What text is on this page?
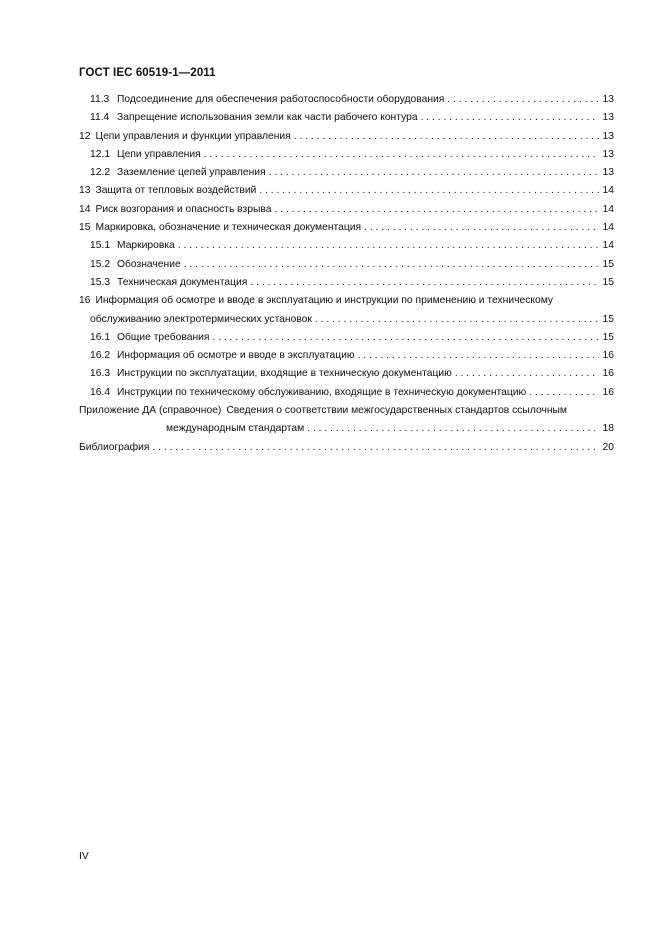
ГОСТ IEC 60519-1—2011
11.3 Подсоединение для обеспечения работоспособности оборудования . . .	13
11.4 Запрещение использования земли как части рабочего контура . . .	13
12 Цепи управления и функции управления . . .	13
12.1 Цепи управления . . .	13
12.2 Заземление цепей управления . . .	13
13 Защита от тепловых воздействий . . .	14
14 Риск возгорания и опасность взрыва . . .	14
15 Маркировка, обозначение и техническая документация . . .	14
15.1 Маркировка . . .	14
15.2 Обозначение . . .	15
15.3 Техническая документация . . .	15
16 Информация об осмотре и вводе в эксплуатацию и инструкции по применению и техническому
обслуживанию электротермических установок . . .	15
16.1 Общие требования . . .	15
16.2 Информация об осмотре и вводе в эксплуатацию . . .	16
16.3 Инструкции по эксплуатации, входящие в техническую документацию . . .	16
16.4 Инструкции по техническому обслуживанию, входящие в техническую документацию . . .	16
Приложение ДА (справочное) Сведения о соответствии межгосударственных стандартов ссылочным
международным стандартам . . .	18
Библиография . . .	20
IV
